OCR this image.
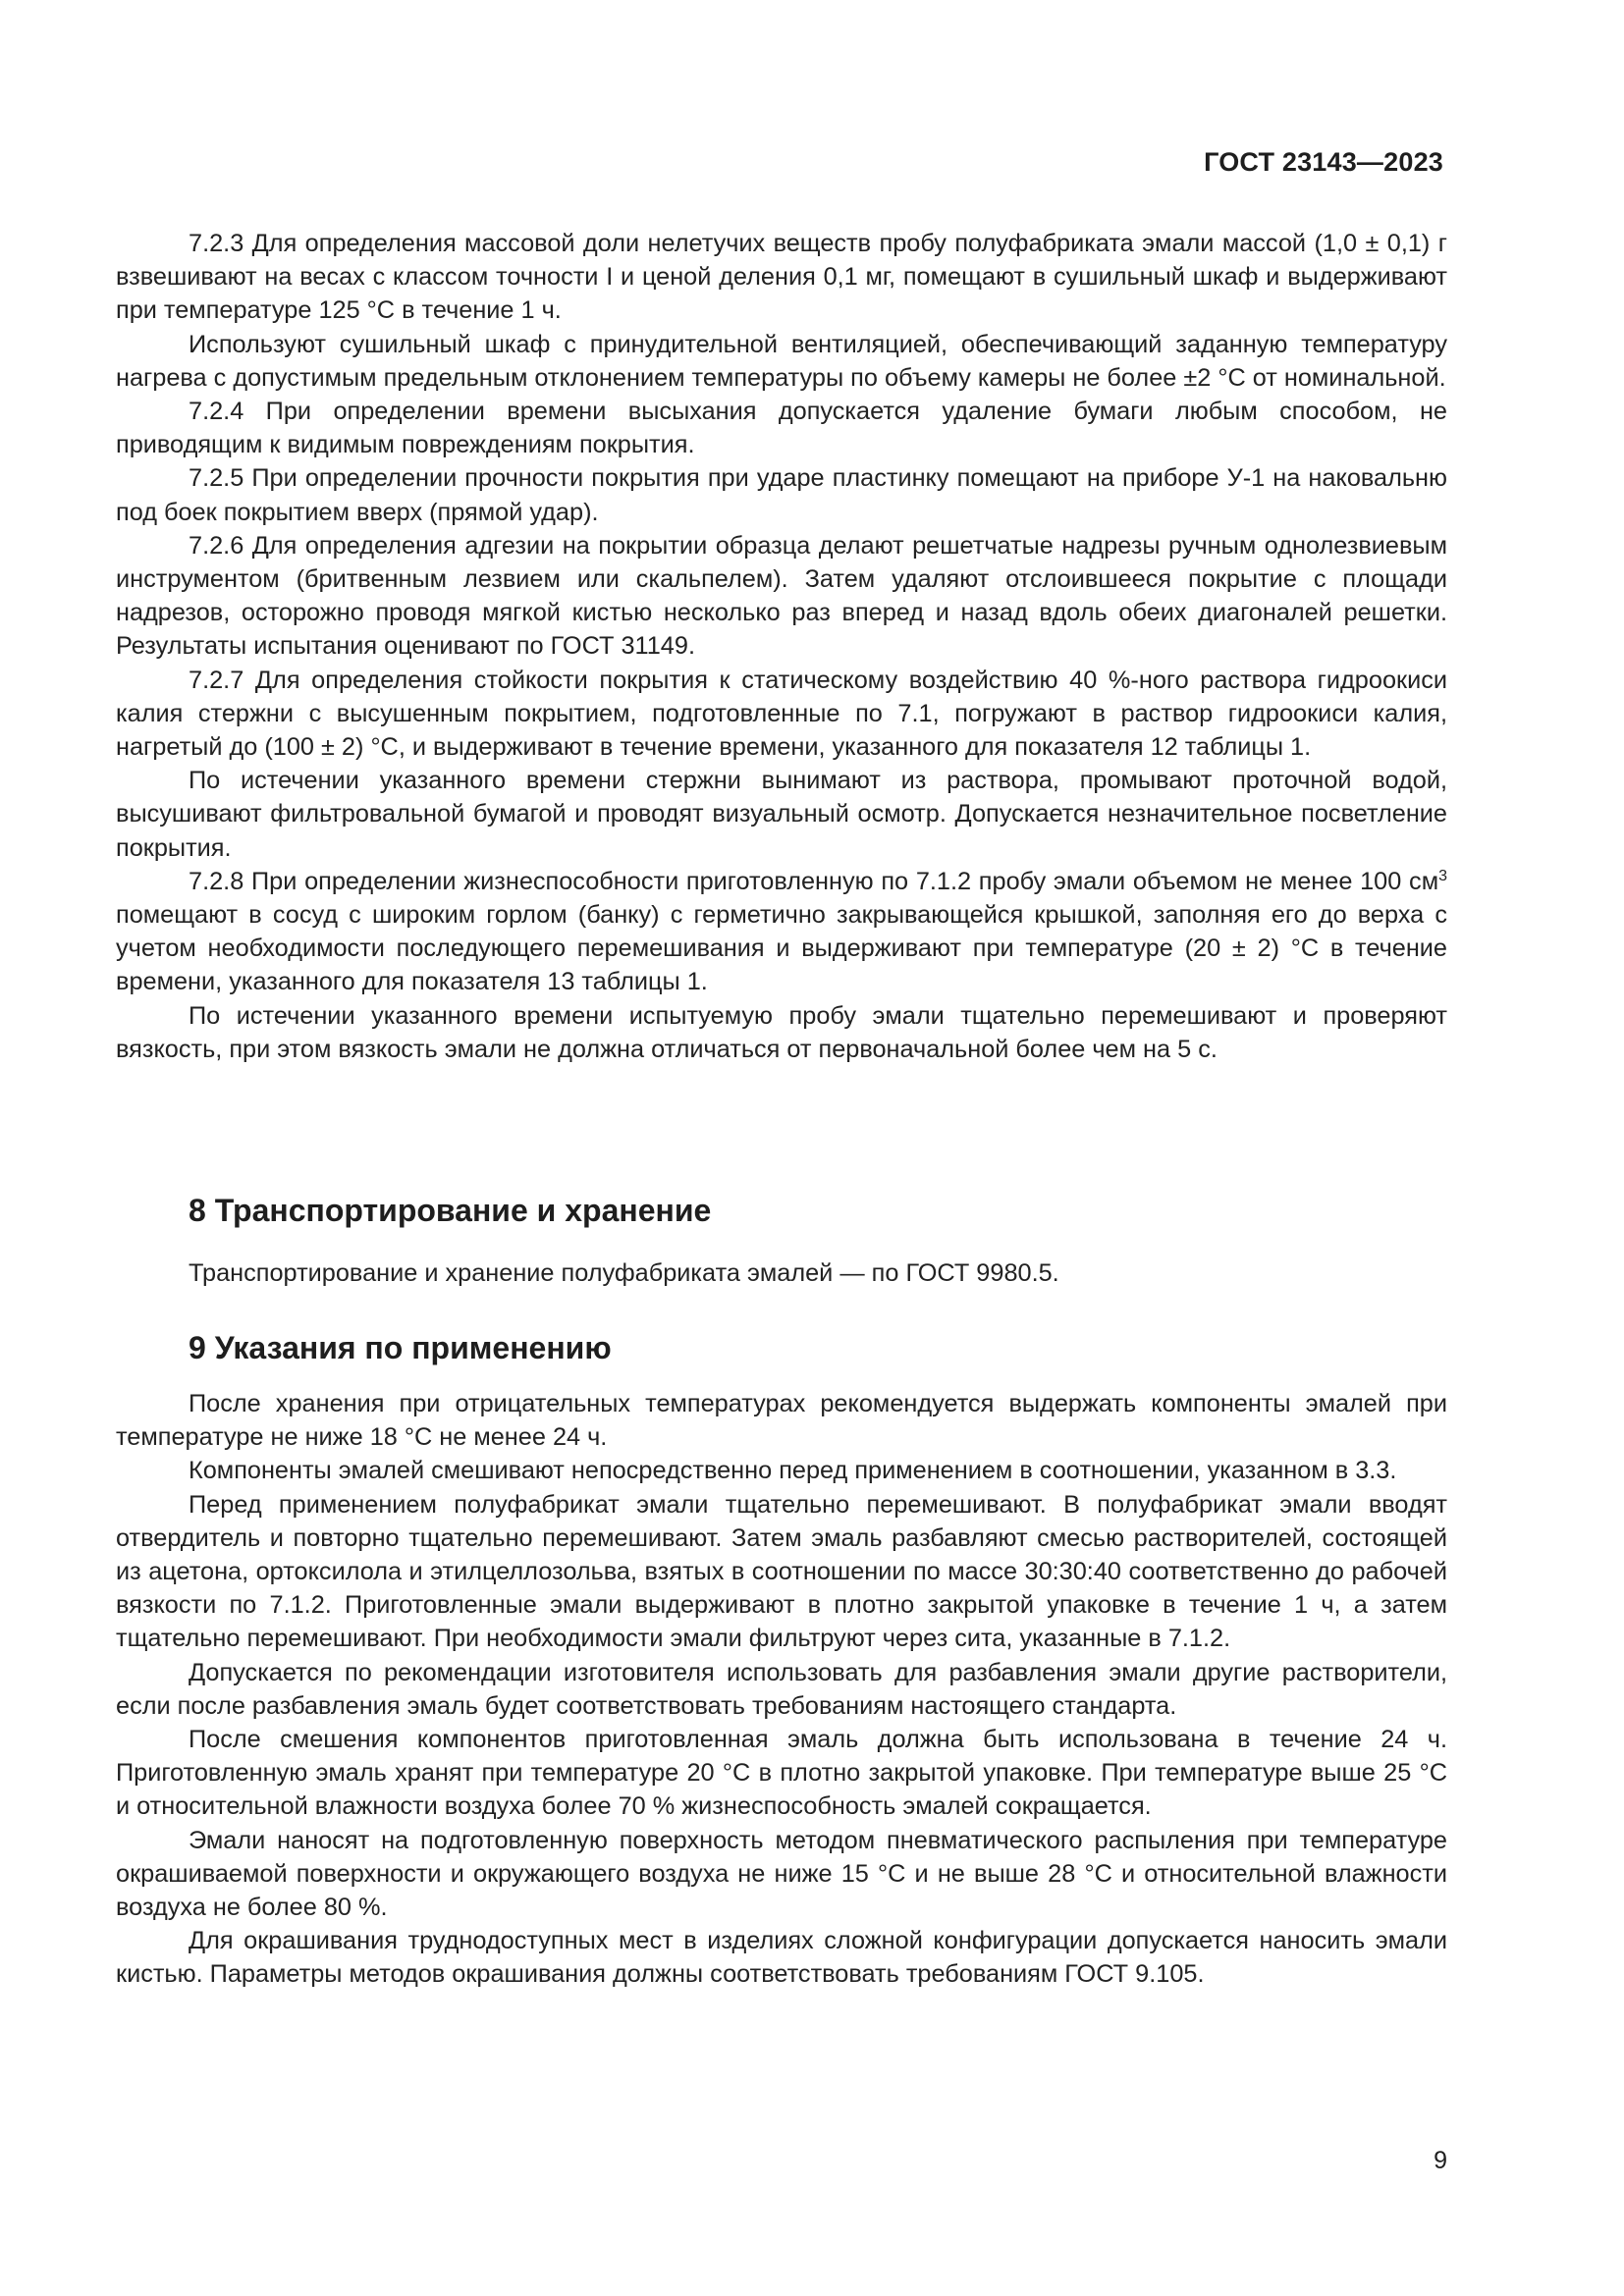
ГОСТ 23143—2023

7.2.3 Для определения массовой доли нелетучих веществ пробу полуфабриката эмали массой (1,0 ± 0,1) г взвешивают на весах с классом точности I и ценой деления 0,1 мг, помещают в сушильный шкаф и выдерживают при температуре 125 °С в течение 1 ч.

Используют сушильный шкаф с принудительной вентиляцией, обеспечивающий заданную температуру нагрева с допустимым предельным отклонением температуры по объему камеры не более ±2 °С от номинальной.

7.2.4 При определении времени высыхания допускается удаление бумаги любым способом, не приводящим к видимым повреждениям покрытия.

7.2.5 При определении прочности покрытия при ударе пластинку помещают на приборе У-1 на наковальню под боек покрытием вверх (прямой удар).

7.2.6 Для определения адгезии на покрытии образца делают решетчатые надрезы ручным однолезвиевым инструментом (бритвенным лезвием или скальпелем). Затем удаляют отслоившееся покрытие с площади надрезов, осторожно проводя мягкой кистью несколько раз вперед и назад вдоль обеих диагоналей решетки. Результаты испытания оценивают по ГОСТ 31149.

7.2.7 Для определения стойкости покрытия к статическому воздействию 40 %-ного раствора гидроокиси калия стержни с высушенным покрытием, подготовленные по 7.1, погружают в раствор гидроокиси калия, нагретый до (100 ± 2) °С, и выдерживают в течение времени, указанного для показателя 12 таблицы 1.

По истечении указанного времени стержни вынимают из раствора, промывают проточной водой, высушивают фильтровальной бумагой и проводят визуальный осмотр. Допускается незначительное посветление покрытия.

7.2.8 При определении жизнеспособности приготовленную по 7.1.2 пробу эмали объемом не менее 100 $см^3$ помещают в сосуд с широким горлом (банку) с герметично закрывающейся крышкой, заполняя его до верха с учетом необходимости последующего перемешивания и выдерживают при температуре (20 ± 2) °С в течение времени, указанного для показателя 13 таблицы 1.

По истечении указанного времени испытуемую пробу эмали тщательно перемешивают и проверяют вязкость, при этом вязкость эмали не должна отличаться от первоначальной более чем на 5 с.

8 Транспортирование и хранение
Транспортирование и хранение полуфабриката эмалей — по ГОСТ 9980.5.
9 Указания по применению

После хранения при отрицательных температурах рекомендуется выдержать компоненты эмалей при температуре не ниже 18 °С не менее 24 ч.

Компоненты эмалей смешивают непосредственно перед применением в соотношении, указанном в 3.3.

Перед применением полуфабрикат эмали тщательно перемешивают. В полуфабрикат эмали вводят отвердитель и повторно тщательно перемешивают. Затем эмаль разбавляют смесью растворителей, состоящей из ацетона, ортоксилола и этилцеллозольва, взятых в соотношении по массе 30:30:40 соответственно до рабочей вязкости по 7.1.2. Приготовленные эмали выдерживают в плотно закрытой упаковке в течение 1 ч, а затем тщательно перемешивают. При необходимости эмали фильтруют через сита, указанные в 7.1.2.

Допускается по рекомендации изготовителя использовать для разбавления эмали другие растворители, если после разбавления эмаль будет соответствовать требованиям настоящего стандарта.

После смешения компонентов приготовленная эмаль должна быть использована в течение 24 ч. Приготовленную эмаль хранят при температуре 20 °С в плотно закрытой упаковке. При температуре выше 25 °С и относительной влажности воздуха более 70 % жизнеспособность эмалей сокращается.

Эмали наносят на подготовленную поверхность методом пневматического распыления при температуре окрашиваемой поверхности и окружающего воздуха не ниже 15 °С и не выше 28 °С и относительной влажности воздуха не более 80 %.

Для окрашивания труднодоступных мест в изделиях сложной конфигурации допускается наносить эмали кистью. Параметры методов окрашивания должны соответствовать требованиям ГОСТ 9.105.

9
